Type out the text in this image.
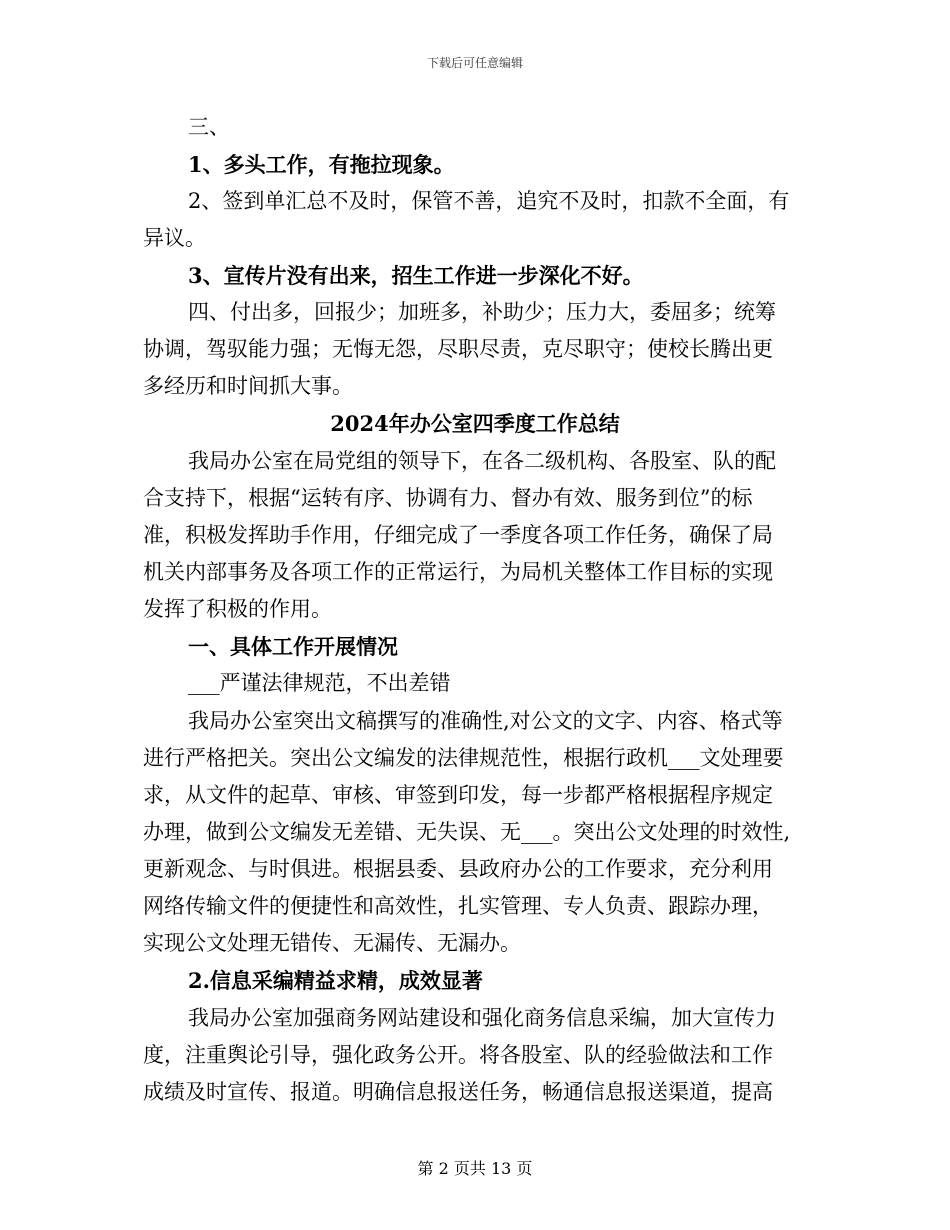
下载后可任意编辑
三、
1、多头工作，有拖拉现象。
2、签到单汇总不及时，保管不善，追究不及时，扣款不全面，有
异议。
3、宣传片没有出来，招生工作进一步深化不好。
四、付出多，回报少；加班多，补助少；压力大，委屈多；统筹
协调，驾驭能力强；无悔无怨，尽职尽责，克尽职守；使校长腾出更
多经历和时间抓大事。
2024年办公室四季度工作总结
我局办公室在局党组的领导下，在各二级机构、各股室、队的配
合支持下，根据“运转有序、协调有力、督办有效、服务到位”的标
准，积极发挥助手作用，仔细完成了一季度各项工作任务，确保了局
机关内部事务及各项工作的正常运行，为局机关整体工作目标的实现
发挥了积极的作用。
一、具体工作开展情况
___严谨法律规范，不出差错
我局办公室突出文稿撰写的准确性,对公文的文字、内容、格式等
进行严格把关。突出公文编发的法律规范性，根据行政机___文处理要
求，从文件的起草、审核、审签到印发，每一步都严格根据程序规定
办理，做到公文编发无差错、无失误、无___。突出公文处理的时效性,
更新观念、与时俱进。根据县委、县政府办公的工作要求，充分利用
网络传输文件的便捷性和高效性，扎实管理、专人负责、跟踪办理，
实现公文处理无错传、无漏传、无漏办。
2.信息采编精益求精，成效显著
我局办公室加强商务网站建设和强化商务信息采编，加大宣传力
度，注重舆论引导，强化政务公开。将各股室、队的经验做法和工作
成绩及时宣传、报道。明确信息报送任务，畅通信息报送渠道，提高
第 2 页共 13 页
